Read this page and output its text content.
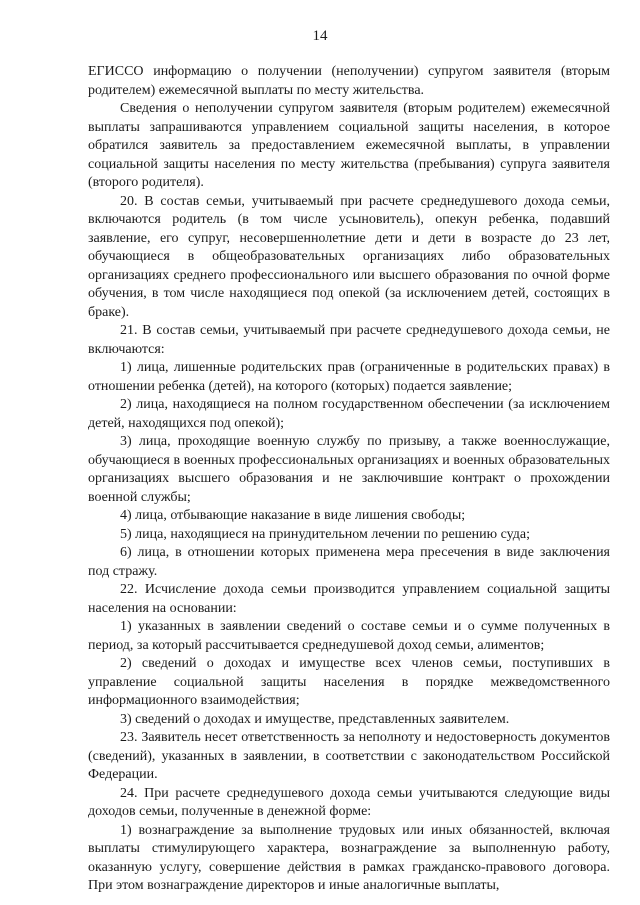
14

ЕГИССО информацию о получении (неполучении) супругом заявителя (вторым родителем) ежемесячной выплаты по месту жительства.

Сведения о неполучении супругом заявителя (вторым родителем) ежемесячной выплаты запрашиваются управлением социальной защиты населения, в которое обратился заявитель за предоставлением ежемесячной выплаты, в управлении социальной защиты населения по месту жительства (пребывания) супруга заявителя (второго родителя).

20. В состав семьи, учитываемый при расчете среднедушевого дохода семьи, включаются родитель (в том числе усыновитель), опекун ребенка, подавший заявление, его супруг, несовершеннолетние дети и дети в возрасте до 23 лет, обучающиеся в общеобразовательных организациях либо образовательных организациях среднего профессионального или высшего образования по очной форме обучения, в том числе находящиеся под опекой (за исключением детей, состоящих в браке).

21. В состав семьи, учитываемый при расчете среднедушевого дохода семьи, не включаются:

1) лица, лишенные родительских прав (ограниченные в родительских правах) в отношении ребенка (детей), на которого (которых) подается заявление;

2) лица, находящиеся на полном государственном обеспечении (за исключением детей, находящихся под опекой);

3) лица, проходящие военную службу по призыву, а также военнослужащие, обучающиеся в военных профессиональных организациях и военных образовательных организациях высшего образования и не заключившие контракт о прохождении военной службы;

4) лица, отбывающие наказание в виде лишения свободы;

5) лица, находящиеся на принудительном лечении по решению суда;

6) лица, в отношении которых применена мера пресечения в виде заключения под стражу.

22. Исчисление дохода семьи производится управлением социальной защиты населения на основании:

1) указанных в заявлении сведений о составе семьи и о сумме полученных в период, за который рассчитывается среднедушевой доход семьи, алиментов;

2) сведений о доходах и имуществе всех членов семьи, поступивших в управление социальной защиты населения в порядке межведомственного информационного взаимодействия;

3) сведений о доходах и имуществе, представленных заявителем.

23. Заявитель несет ответственность за неполноту и недостоверность документов (сведений), указанных в заявлении, в соответствии с законодательством Российской Федерации.

24. При расчете среднедушевого дохода семьи учитываются следующие виды доходов семьи, полученные в денежной форме:

1) вознаграждение за выполнение трудовых или иных обязанностей, включая выплаты стимулирующего характера, вознаграждение за выполненную работу, оказанную услугу, совершение действия в рамках гражданско-правового договора. При этом вознаграждение директоров и иные аналогичные выплаты,
